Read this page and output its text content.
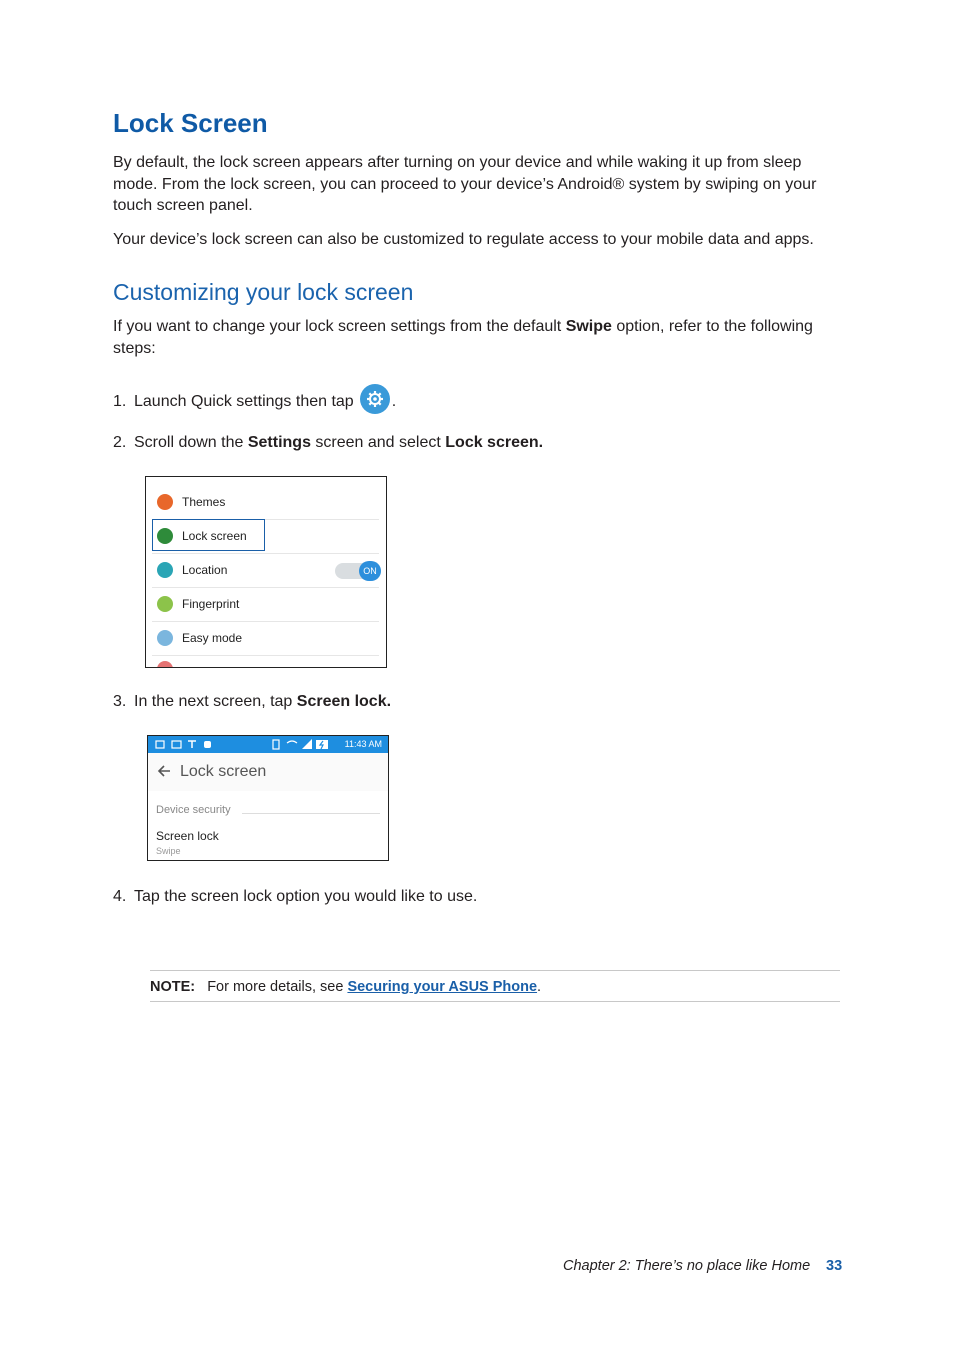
Lock Screen

By default, the lock screen appears after turning on your device and while waking it up from sleep mode. From the lock screen, you can proceed to your device’s Android® system by swiping on your touch screen panel.

Your device’s lock screen can also be customized to regulate access to your mobile data and apps.

Customizing your lock screen

If you want to change your lock screen settings from the default Swipe option, refer to the following steps:

1. Launch Quick settings then tap .
2. Scroll down the Settings screen and select Lock screen.
Themes
Lock screen
Location	ON
Fingerprint
Easy mode
3. In the next screen, tap Screen lock.
11:43 AM
Lock screen
Device security
Screen lock
Swipe
4. Tap the screen lock option you would like to use.
NOTE: For more details, see Securing your ASUS Phone.
Chapter 2: There’s no place like Home 33
